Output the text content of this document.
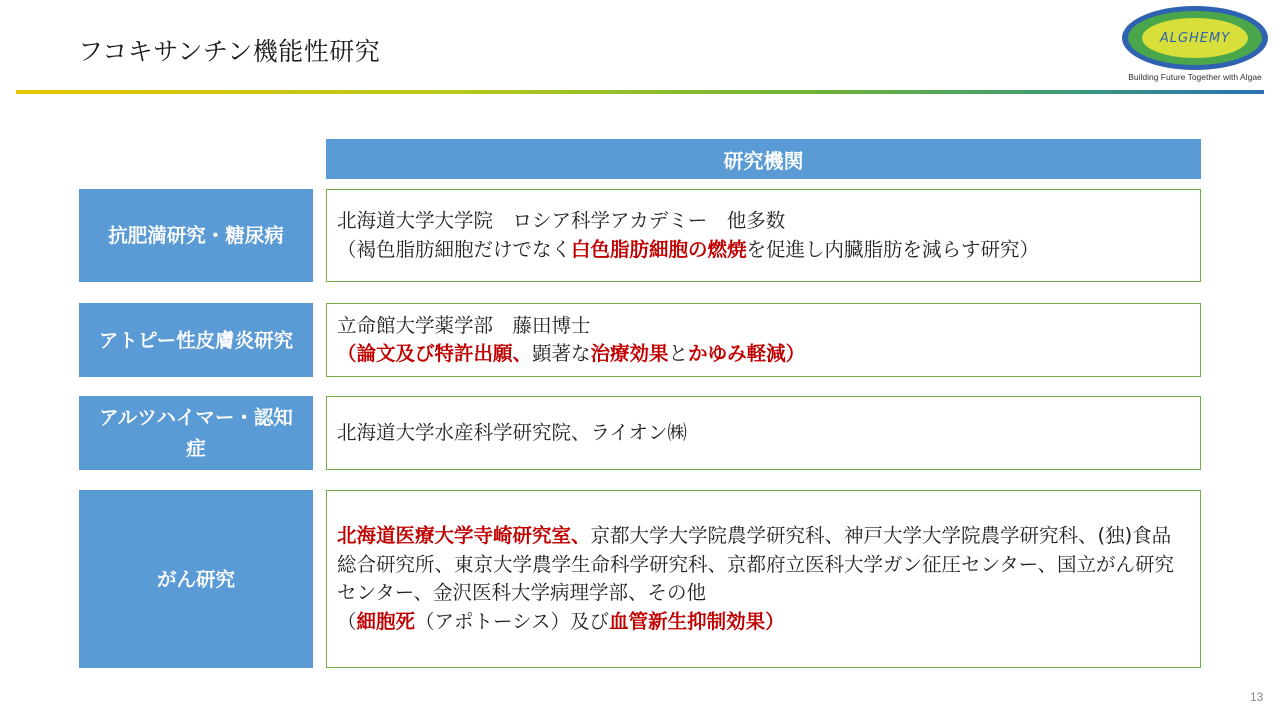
フコキサンチン機能性研究	ALGHEMY
Building Future Together with Algae
研究機関
抗肥満研究・糖尿病
北海道大学大学院　ロシア科学アカデミー　他多数
（褐色脂肪細胞だけでなく白色脂肪細胞の燃焼を促進し内臓脂肪を減らす研究）
アトピー性皮膚炎研究
立命館大学薬学部　藤田博士
（論文及び特許出願、顕著な治療効果とかゆみ軽減）
アルツハイマー・認知症
北海道大学水産科学研究院、ライオン㈱
がん研究
北海道医療大学寺崎研究室、京都大学大学院農学研究科、神戸大学大学院農学研究科、(独)食品総合研究所、東京大学農学生命科学研究科、京都府立医科大学ガン征圧センター、国立がん研究センター、金沢医科大学病理学部、その他
（細胞死（アポトーシス）及び血管新生抑制効果）
13
